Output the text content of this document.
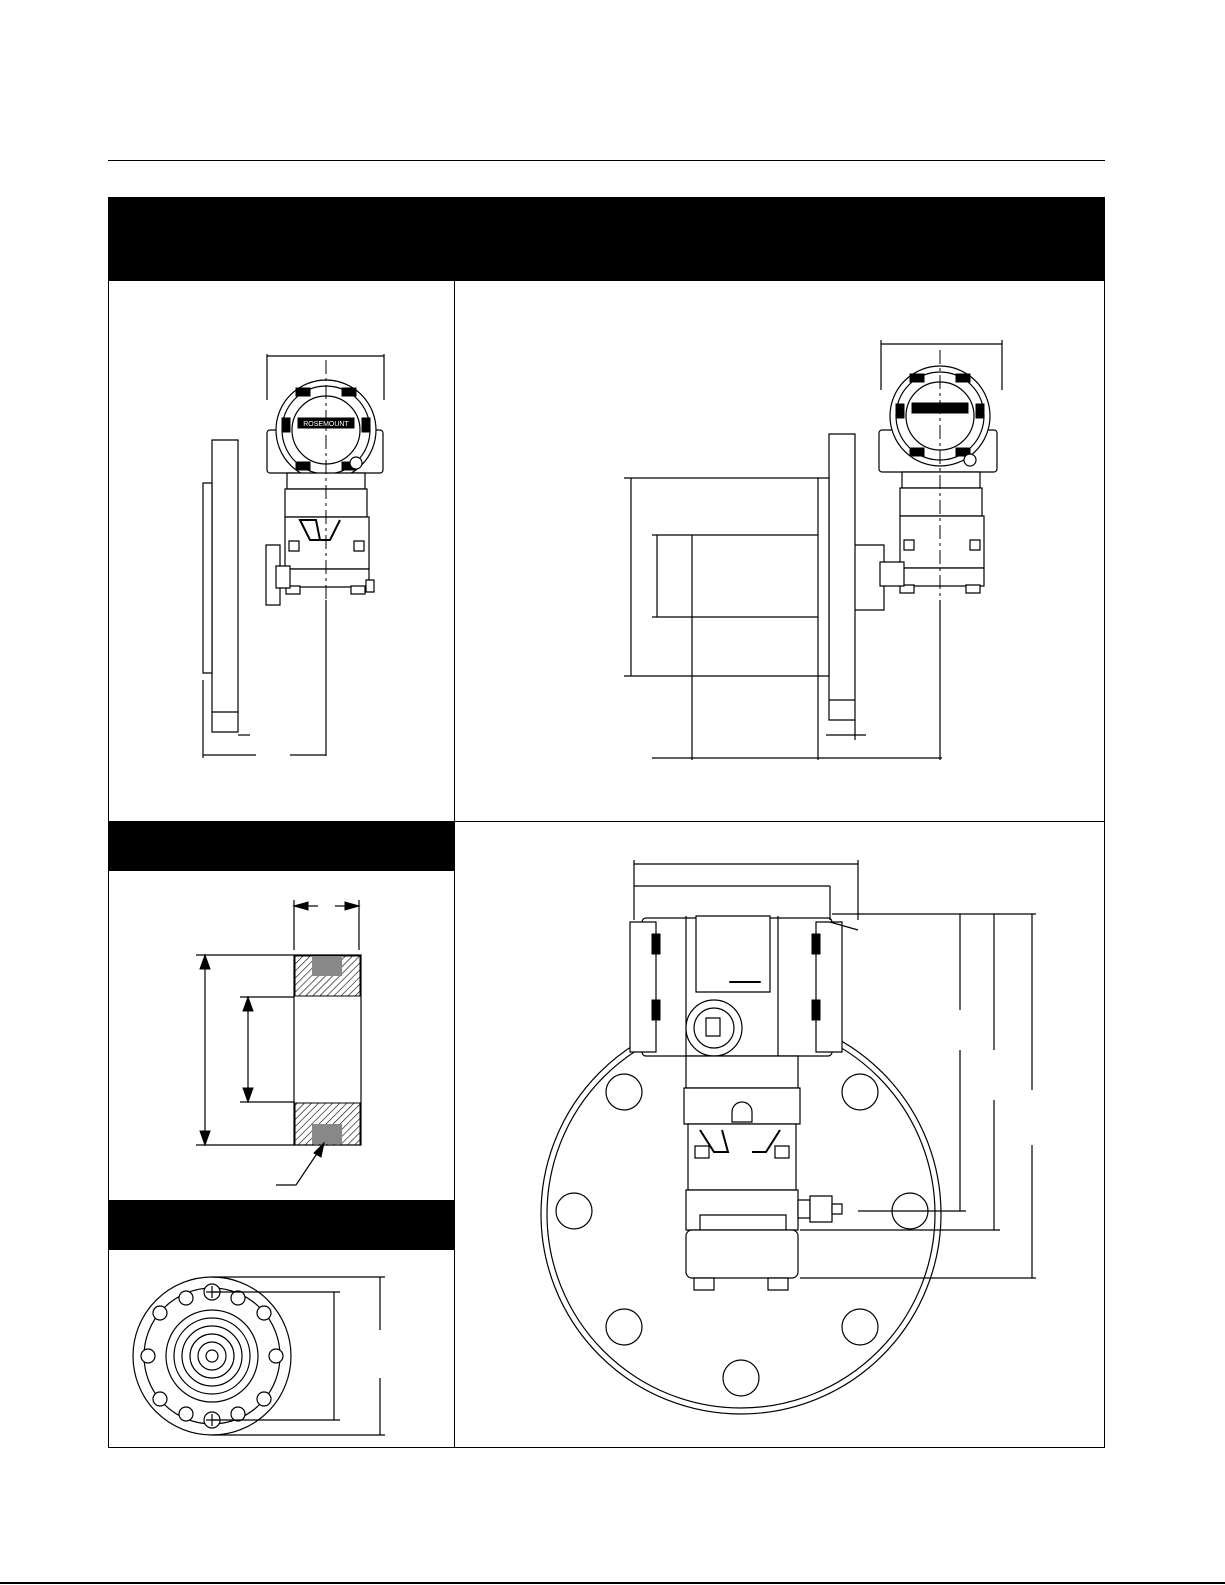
ROSEMOUNT
